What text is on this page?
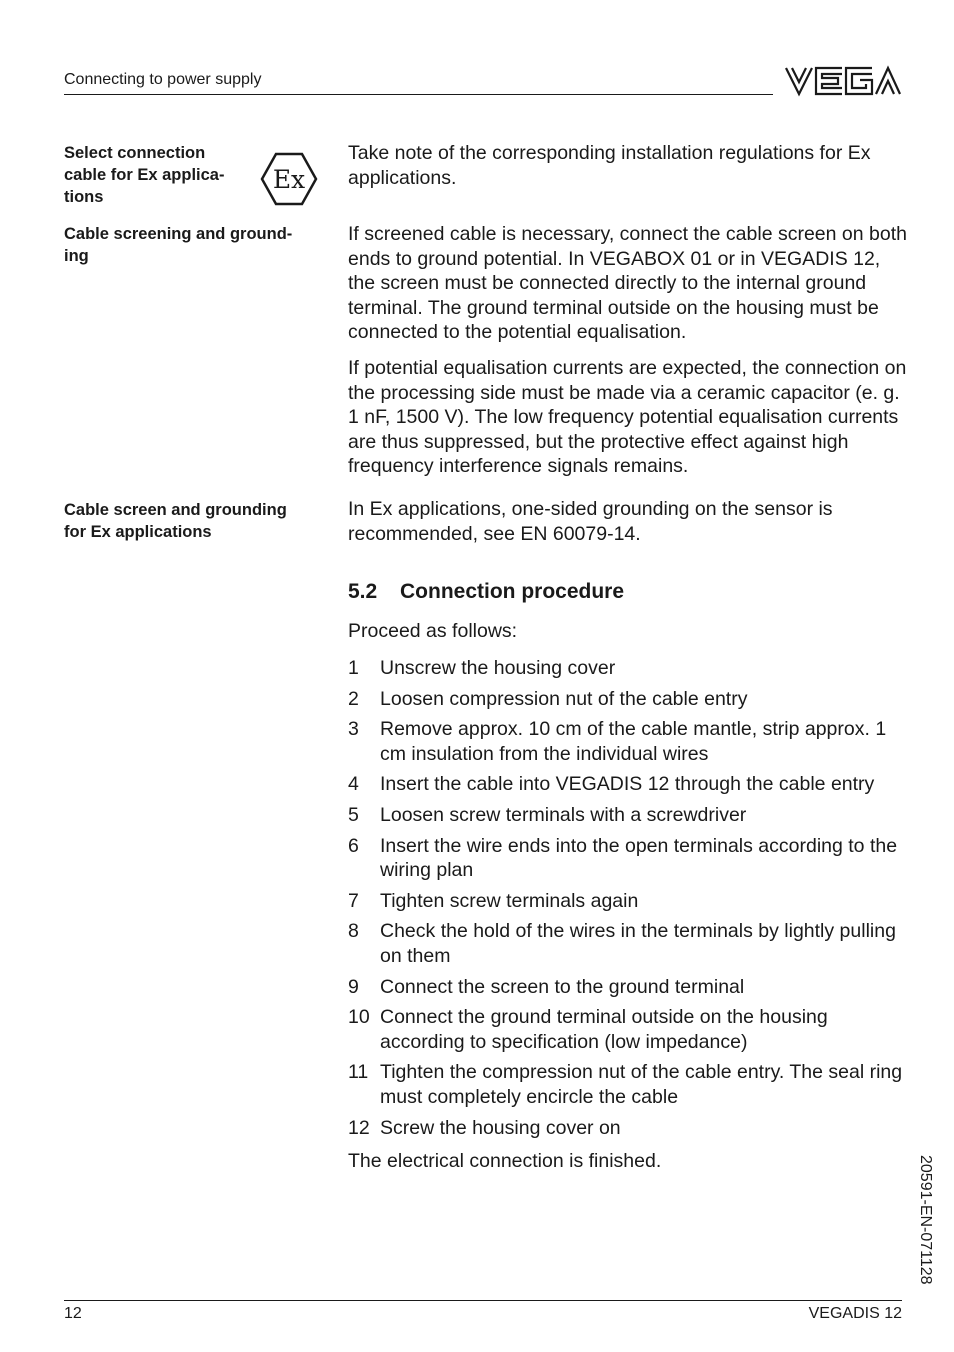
Connecting to power supply
Select connection
cable for Ex applica-
tions
Ex
Cable screening and ground-
ing
Cable screen and grounding
for Ex applications

Take note of the corresponding installation regulations for Ex applications.

If screened cable is necessary, connect the cable screen on both ends to ground potential. In VEGABOX 01 or in VEGADIS 12, the screen must be connected directly to the internal ground terminal. The ground terminal outside on the housing must be connected to the potential equalisation.

If potential equalisation currents are expected, the connection on the processing side must be made via a ceramic capacitor (e. g. 1 nF, 1500 V). The low frequency potential equalisation currents are thus suppressed, but the protective effect against high frequency interference signals remains.

In Ex applications, one-sided grounding on the sensor is recommended, see EN 60079-14.

5.2 Connection procedure

Proceed as follows:

1	Unscrew the housing cover
2	Loosen compression nut of the cable entry
3	Remove approx. 10 cm of the cable mantle, strip approx. 1 cm insulation from the individual wires
4	Insert the cable into VEGADIS 12 through the cable entry
5	Loosen screw terminals with a screwdriver
6	Insert the wire ends into the open terminals according to the wiring plan
7	Tighten screw terminals again
8	Check the hold of the wires in the terminals by lightly pulling on them
9	Connect the screen to the ground terminal
10 Connect the ground terminal outside on the housing according to specification (low impedance)
11 Tighten the compression nut of the cable entry. The seal ring must completely encircle the cable
12 Screw the housing cover on

The electrical connection is finished.	20591-EN-071128
12	VEGADIS 12
